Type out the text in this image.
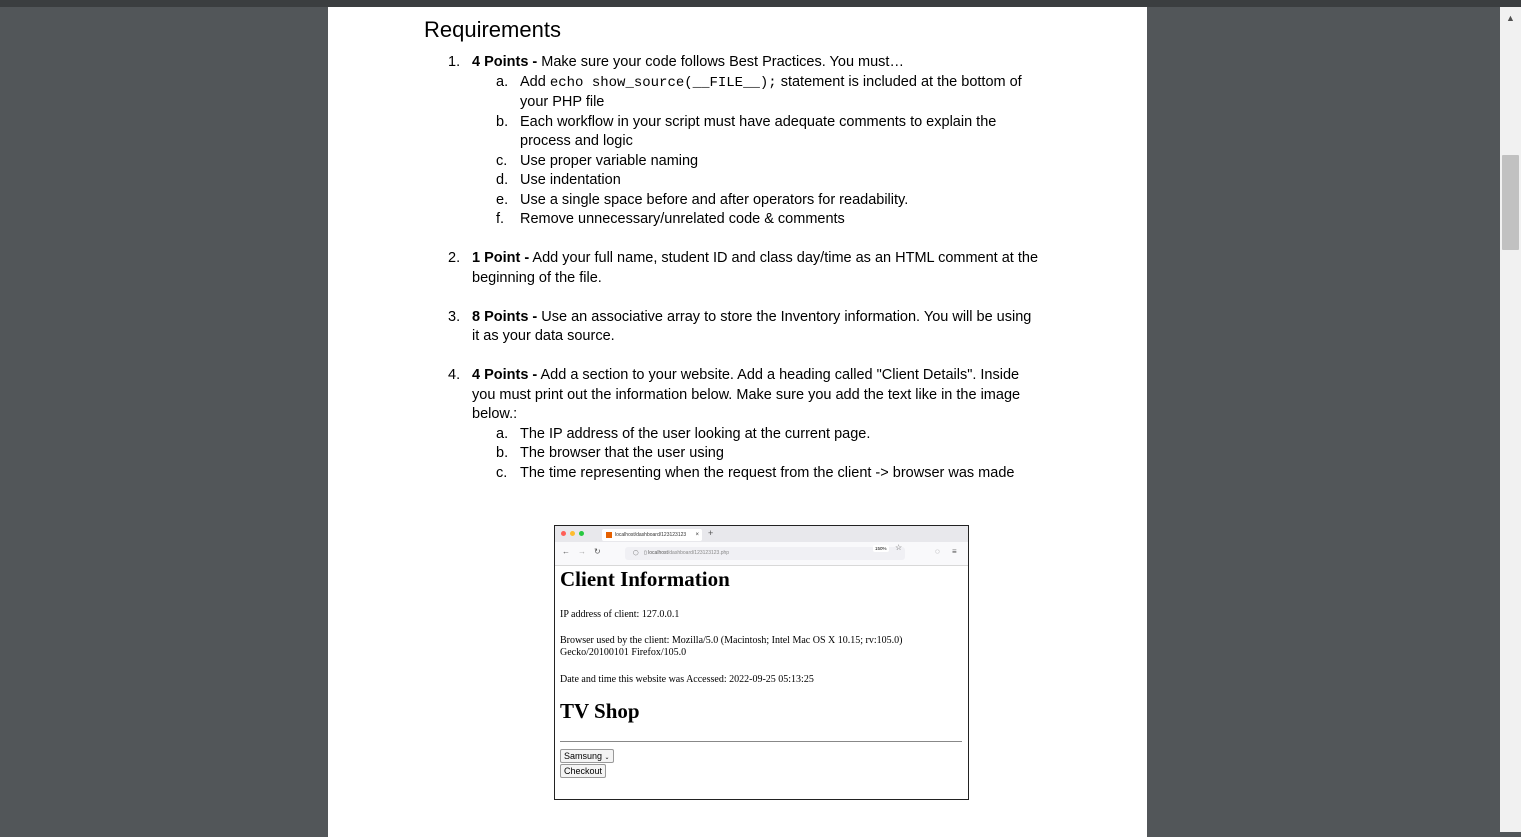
▲
Requirements
1. 4 Points - Make sure your code follows Best Practices. You must…
a. Add echo show_source(__FILE__); statement is included at the bottom of
your PHP file
b. Each workflow in your script must have adequate comments to explain the
process and logic
c. Use proper variable naming
d. Use indentation
e. Use a single space before and after operators for readability.
f. Remove unnecessary/unrelated code & comments
2. 1 Point - Add your full name, student ID and class day/time as an HTML comment at the
beginning of the file.
3. 8 Points - Use an associative array to store the Inventory information. You will be using
it as your data source.
4. 4 Points - Add a section to your website. Add a heading called "Client Details". Inside
you must print out the information below. Make sure you add the text like in the image
below.:
a. The IP address of the user looking at the current page.
b. The browser that the user using
c. The time representing when the request from the client -> browser was made
localhost/dashboard/123123123 × +
← → ↻	◯ ▯ localhost/dashboard/123123123.php
150% ☆	◌ ≡
Client Information
IP address of client: 127.0.0.1
Browser used by the client: Mozilla/5.0 (Macintosh; Intel Mac OS X 10.15; rv:105.0)
Gecko/20100101 Firefox/105.0
Date and time this website was Accessed: 2022-09-25 05:13:25
TV Shop
Samsung ⌄
Checkout
